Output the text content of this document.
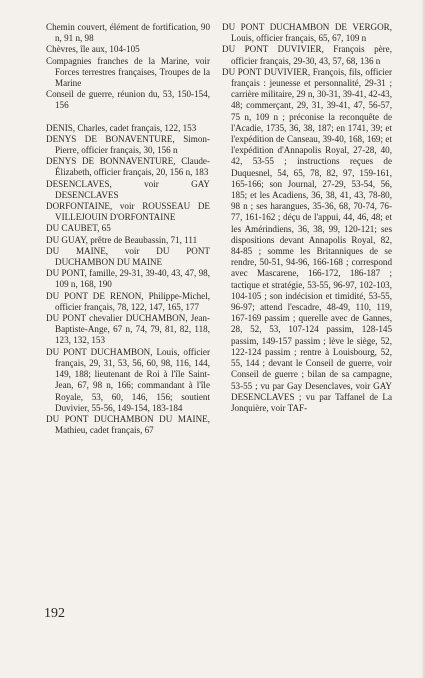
Chemin couvert, élément de fortification, 90 n, 91 n, 98

Chèvres, île aux, 104-105

Compagnies franches de la Marine, voir Forces terrestres françaises, Troupes de la Marine

Conseil de guerre, réunion du, 53, 150-154, 156

DENIS, Charles, cadet français, 122, 153

DENYS DE BONAVENTURE, Simon-Pierre, officier français, 30, 156 n

DENYS DE BONNAVENTURE, Claude-Élizabeth, officier français, 20, 156 n, 183

DESENCLAVES, voir GAY DESENCLAVES

DORFONTAINE, voir ROUSSEAU DE VILLEJOUIN D'ORFONTAINE

DU CAUBET, 65

DU GUAY, prêtre de Beaubassin, 71, 111

DU MAINE, voir DU PONT DUCHAMBON DU MAINE

DU PONT, famille, 29-31, 39-40, 43, 47, 98, 109 n, 168, 190

DU PONT DE RENON, Philippe-Michel, officier français, 78, 122, 147, 165, 177

DU PONT chevalier DUCHAMBON, Jean-Baptiste-Ange, 67 n, 74, 79, 81, 82, 118, 123, 132, 153

DU PONT DUCHAMBON, Louis, officier français, 29, 31, 53, 56, 60, 98, 116, 144, 149, 188; lieutenant de Roi à l'île Saint-Jean, 67, 98 n, 166; commandant à l'île Royale, 53, 60, 146, 156; soutient Duvivier, 55-56, 149-154, 183-184

DU PONT DUCHAMBON DU MAINE, Mathieu, cadet français, 67

DU PONT DUCHAMBON DE VERGOR, Louis, officier français, 65, 67, 109 n

DU PONT DUVIVIER, François père, officier français, 29-30, 43, 57, 68, 136 n

DU PONT DUVIVIER, François, fils, officier français : jeunesse et personnalité, 29-31 ; carrière militaire, 29 n, 30-31, 39-41, 42-43, 48; commerçant, 29, 31, 39-41, 47, 56-57, 75 n, 109 n ; préconise la reconquête de l'Acadie, 1735, 36, 38, 187; en 1741, 39; et l'expédition de Canseau, 39-40, 168, 169; et l'expédition d'Annapolis Royal, 27-28, 40, 42, 53-55 ; instructions reçues de Duquesnel, 54, 65, 78, 82, 97, 159-161, 165-166; son Journal, 27-29, 53-54, 56, 185; et les Acadiens, 36, 38, 41, 43, 78-80, 98 n ; ses harangues, 35-36, 68, 70-74, 76-77, 161-162 ; déçu de l'appui, 44, 46, 48; et les Amérindiens, 36, 38, 99, 120-121; ses dispositions devant Annapolis Royal, 82, 84-85 ; somme les Britanniques de se rendre, 50-51, 94-96, 166-168 ; correspond avec Mascarene, 166-172, 186-187 ; tactique et stratégie, 53-55, 96-97, 102-103, 104-105 ; son indécision et timidité, 53-55, 96-97; attend l'escadre, 48-49, 110, 119, 167-169 passim ; querelle avec de Gannes, 28, 52, 53, 107-124 passim, 128-145 passim, 149-157 passim ; lève le siège, 52, 122-124 passim ; rentre à Louisbourg, 52, 55, 144 ; devant le Conseil de guerre, voir Conseil de guerre ; bilan de sa campagne, 53-55 ; vu par Gay Desenclaves, voir GAY DESENCLAVES ; vu par Taffanel de La Jonquière, voir TAF-

192
